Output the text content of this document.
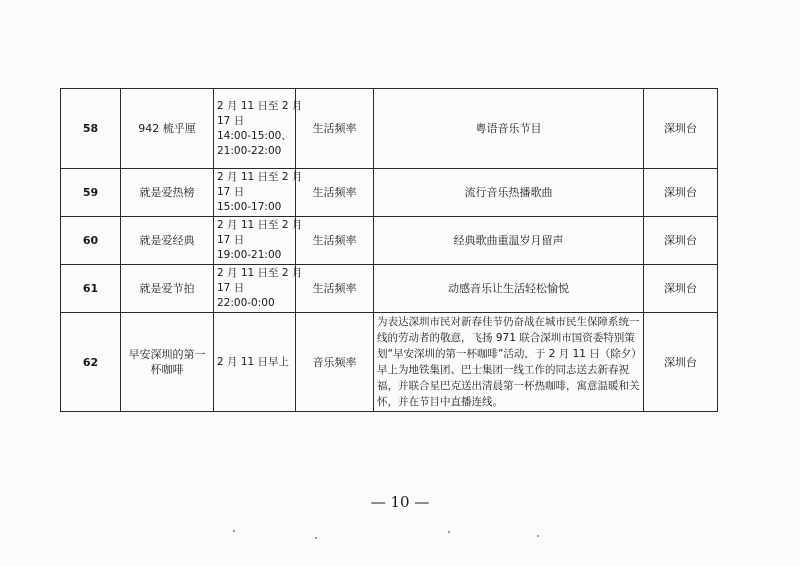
58	942 梳乎厘	2 月 11 日至 2 月
17 日
14:00-15:00、
21:00-22:00	生活频率	粤语音乐节目	深圳台
59	就是爱热榜	2 月 11 日至 2 月
17 日
15:00-17:00	生活频率	流行音乐热播歌曲	深圳台
60	就是爱经典	2 月 11 日至 2 月
17 日
19:00-21:00	生活频率	经典歌曲重温岁月留声	深圳台
61	就是爱节拍	2 月 11 日至 2 月
17 日
22:00-0:00	生活频率	动感音乐让生活轻松愉悦	深圳台
62	早安深圳的第一杯咖啡	2 月 11 日早上	音乐频率	为表达深圳市民对新春佳节仍奋战在城市民生保障系统一线的劳动者的敬意，飞扬 971 联合深圳市国资委特别策划“早安深圳的第一杯咖啡”活动，于 2 月 11 日（除夕）早上为地铁集团、巴士集团一线工作的同志送去新春祝福，并联合星巴克送出清晨第一杯热咖啡，寓意温暖和关怀，并在节目中直播连线。	深圳台
— 10 —
